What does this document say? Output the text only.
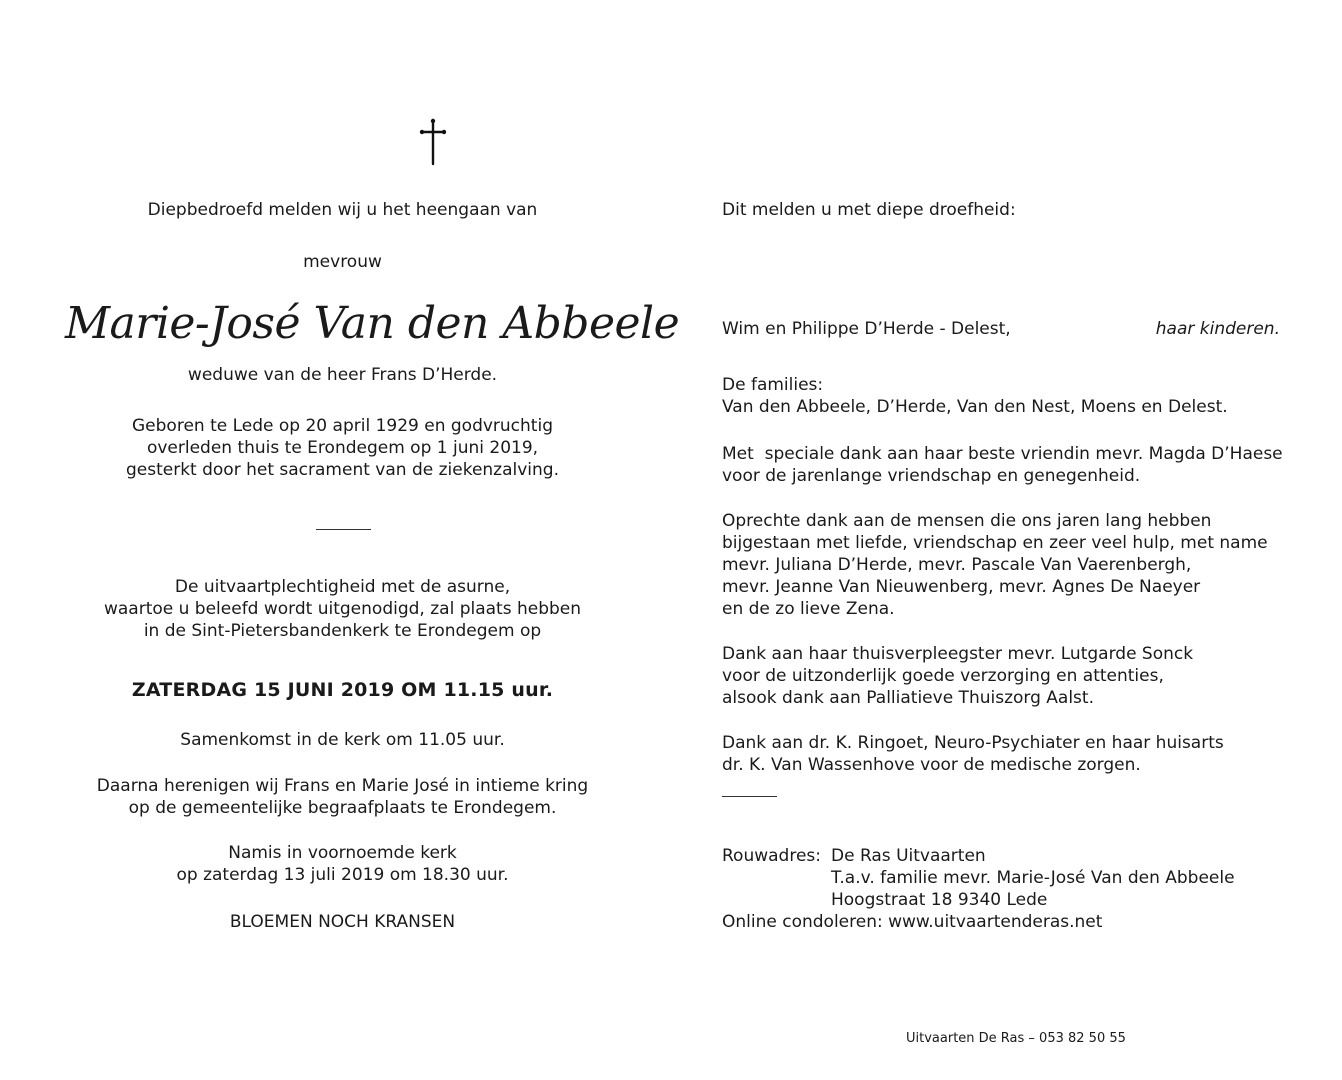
Diepbedroefd melden wij u het heengaan van
mevrouw
Marie-José Van den Abbeele
weduwe van de heer Frans D’Herde.
Geboren te Lede op 20 april 1929 en godvruchtig
overleden thuis te Erondegem op 1 juni 2019,
gesterkt door het sacrament van de ziekenzalving.
De uitvaartplechtigheid met de asurne,
waartoe u beleefd wordt uitgenodigd, zal plaats hebben
in de Sint-Pietersbandenkerk te Erondegem op
ZATERDAG 15 JUNI 2019 OM 11.15 uur.
Samenkomst in de kerk om 11.05 uur.
Daarna herenigen wij Frans en Marie José in intieme kring
op de gemeentelijke begraafplaats te Erondegem.
Namis in voornoemde kerk
op zaterdag 13 juli 2019 om 18.30 uur.
BLOEMEN NOCH KRANSEN
Dit melden u met diepe droefheid:
Wim en Philippe D’Herde - Delest,	haar kinderen.
De families:
Van den Abbeele, D’Herde, Van den Nest, Moens en Delest.
Met  speciale dank aan haar beste vriendin mevr. Magda D’Haese
voor de jarenlange vriendschap en genegenheid.
Oprechte dank aan de mensen die ons jaren lang hebben
bijgestaan met liefde, vriendschap en zeer veel hulp, met name
mevr. Juliana D’Herde, mevr. Pascale Van Vaerenbergh,
mevr. Jeanne Van Nieuwenberg, mevr. Agnes De Naeyer
en de zo lieve Zena.
Dank aan haar thuisverpleegster mevr. Lutgarde Sonck
voor de uitzonderlijk goede verzorging en attenties,
alsook dank aan Palliatieve Thuiszorg Aalst.
Dank aan dr. K. Ringoet, Neuro-Psychiater en haar huisarts
dr. K. Van Wassenhove voor de medische zorgen.
Rouwadres: De Ras Uitvaarten
T.a.v. familie mevr. Marie-José Van den Abbeele
Hoogstraat 18 9340 Lede
Online condoleren: www.uitvaartenderas.net
Uitvaarten De Ras – 053 82 50 55
